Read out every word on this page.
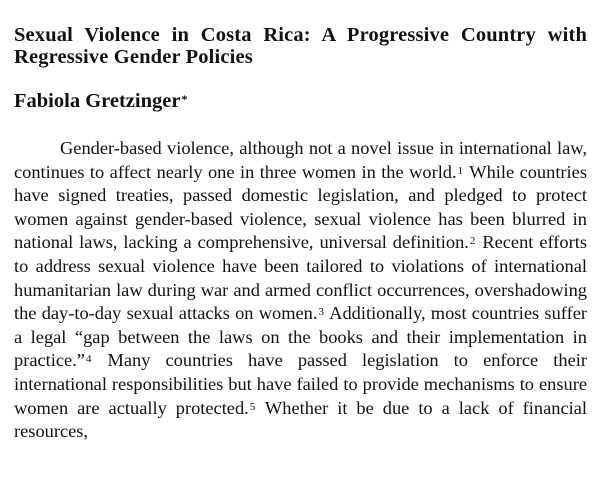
Sexual Violence in Costa Rica: A Progressive Country with Regressive Gender Policies
Fabiola Gretzinger*

Gender-based violence, although not a novel issue in international law, continues to affect nearly one in three women in the world.$^1$ While countries have signed treaties, passed domestic legislation, and pledged to protect women against gender-based violence, sexual violence has been blurred in national laws, lacking a comprehensive, universal definition.$^2$ Recent efforts to address sexual violence have been tailored to violations of international humanitarian law during war and armed conflict occurrences, overshadowing the day-to-day sexual attacks on women.$^3$ Additionally, most countries suffer a legal “gap between the laws on the books and their implementation in practice.”$^4$ Many countries have passed legislation to enforce their international responsibilities but have failed to provide mechanisms to ensure women are actually protected.$^5$ Whether it be due to a lack of financial resources,
